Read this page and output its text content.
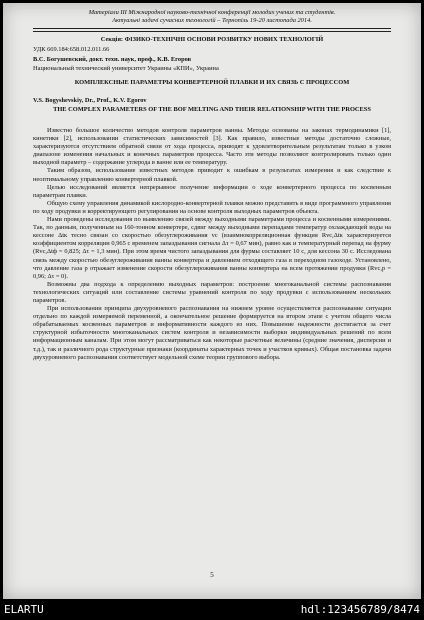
Матеріали ІІІ Міжнародної науково-технічної конференції молодих учених та студентів.
Актуальні задачі сучасних технологій – Тернопіль 19-20 листопада 2014.
Секція: ФІЗИКО-ТЕХНІЧНІ ОСНОВИ РОЗВИТКУ НОВИХ ТЕХНОЛОГІЙ
УДК 669.184:658.012.011.66
В.С. Богушевский, докт. техн. наук, проф., К.В. Егоров
Национальный технический университет Украины «КПИ», Украина
КОМПЛЕКСНЫЕ ПАРАМЕТРЫ КОНВЕРТЕРНОЙ ПЛАВКИ И ИХ СВЯЗЬ С ПРОЦЕССОМ
V.S. Bogyshevskiy, Dr., Prof., K.V. Egorov
THE COMPLEX PARAMETERS OF THE BOF MELTING AND THEIR RELATIONSHIP WITH THE PROCESS

Известно большое количество методов контроля параметров ванны. Методы основаны на законах термодинамики [1], кинетики [2], использовании статистических зависимостей [3]. Как правило, известные методы достаточно сложные, характеризуются отсутствием обратной связи от хода процесса, приводят к удовлетворительным результатам только в узком диапазоне изменения начальных и конечных параметров процесса. Часто эти методы позволяют контролировать только один выходной параметр – содержание углерода в ванне или ее температуру.

Таким образом, использование известных методов приводит к ошибкам в результатах измерения и как следствие к неоптимальному управлению конвертерной плавкой.

Целью исследований является непрерывное получение информации о ходе конвертерного процесса по косвенным параметрам плавки.

Общую схему управления динамикой кислородно-конвертерной плавки можно представить в виде программного управления по ходу продувки и корректирующего регулирования на основе контроля выходных параметров объекта.

Нами проведены исследования по выявлению связей между выходными параметрами процесса и косвенными измерениями. Так, по данным, полученным на 160-тонном конвертере, сдвиг между выходными перепадами температур охлаждающей воды на кессоне Δtк тесно связан со скоростью обезуглероживания vc (взаимнокорреляционная функция Rvc,Δtк характеризуется коэффициентом корреляции 0,965 с временем запаздывания сигнала Δτ = 0,67 мин), равно как и температурный перепад на фурму (Rvc,Δtф = 0,825; Δτ = 1,3 мин). При этом время чистого запаздывания для фурмы составляет 10 с, для кессона 30 с. Исследована связь между скоростью обезуглероживания ванны конвертера и давлением отходящего газа в переходном газоходе. Установлено, что давление газа p отражает изменение скорости обезуглероживания ванны конвертера на всем протяжении продувки (Rvc,p = 0,96; Δτ = 0).

Возможны два подхода к определению выходных параметров: построение многоканальной системы распознавания технологических ситуаций или составление системы уравнений контроля по ходу продувки с использованием нескольких параметров.

При использовании принципа двухуровневого распознавания на нижнем уровне осуществляется распознавание ситуации отдельно по каждой измеряемой переменной, а окончательное решение формируется на втором этапе с учетом общего числа обрабатываемых косвенных параметров и информативности каждого из них. Повышение надежности достигается за счет структурной избыточности многоканальных систем контроля и независимости выборки индивидуальных решений по всем информационным каналам. При этом могут рассматриваться как некоторые расчетные величины (средние значения, дисперсии и т.д.), так и различного рода структурные признаки (координаты характерных точек и участков кривых). Общая постановка задачи двухуровневого распознавания соответствует модельной схеме теории группового выбора.

5
ELARTU	hdl:123456789/8474
